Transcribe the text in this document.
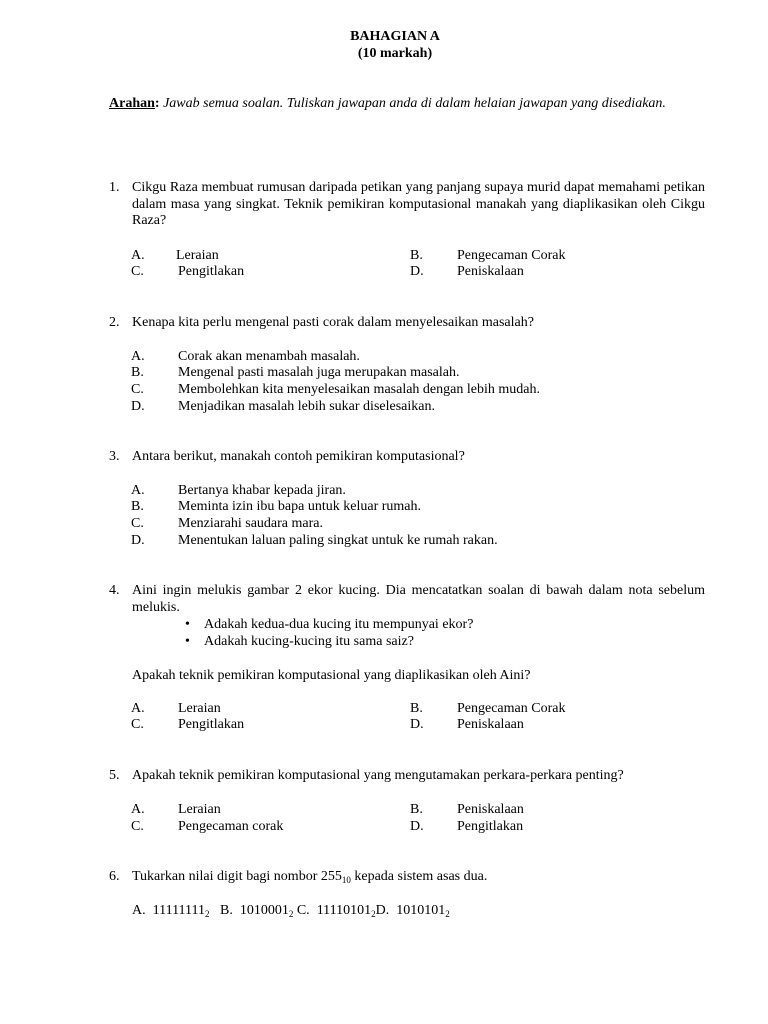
BAHAGIAN A
(10 markah)
Arahan: Jawab semua soalan. Tuliskan jawapan anda di dalam helaian jawapan yang disediakan.
1. Cikgu Raza membuat rumusan daripada petikan yang panjang supaya murid dapat memahami petikan dalam masa yang singkat. Teknik pemikiran komputasional manakah yang diaplikasikan oleh Cikgu Raza?
A. Leraian	B. Pengecaman Corak
C. Pengitlakan	D. Peniskalaan
2. Kenapa kita perlu mengenal pasti corak dalam menyelesaikan masalah?
A. Corak akan menambah masalah.
B. Mengenal pasti masalah juga merupakan masalah.
C. Membolehkan kita menyelesaikan masalah dengan lebih mudah.
D. Menjadikan masalah lebih sukar diselesaikan.
3. Antara berikut, manakah contoh pemikiran komputasional?
A. Bertanya khabar kepada jiran.
B. Meminta izin ibu bapa untuk keluar rumah.
C. Menziarahi saudara mara.
D. Menentukan laluan paling singkat untuk ke rumah rakan.
4. Aini ingin melukis gambar 2 ekor kucing. Dia mencatatkan soalan di bawah dalam nota sebelum melukis.
• Adakah kedua-dua kucing itu mempunyai ekor?
• Adakah kucing-kucing itu sama saiz?
Apakah teknik pemikiran komputasional yang diaplikasikan oleh Aini?
A. Leraian	B. Pengecaman Corak
C. Pengitlakan	D. Peniskalaan
5. Apakah teknik pemikiran komputasional yang mengutamakan perkara-perkara penting?
A. Leraian	B. Peniskalaan
C. Pengecaman corak	D. Pengitlakan
6. Tukarkan nilai digit bagi nombor $255_{10}$ kepada sistem asas dua.
A. $11111111_2$ B. $1010001_2$ C. $11110101_2D$. $1010101_2$
